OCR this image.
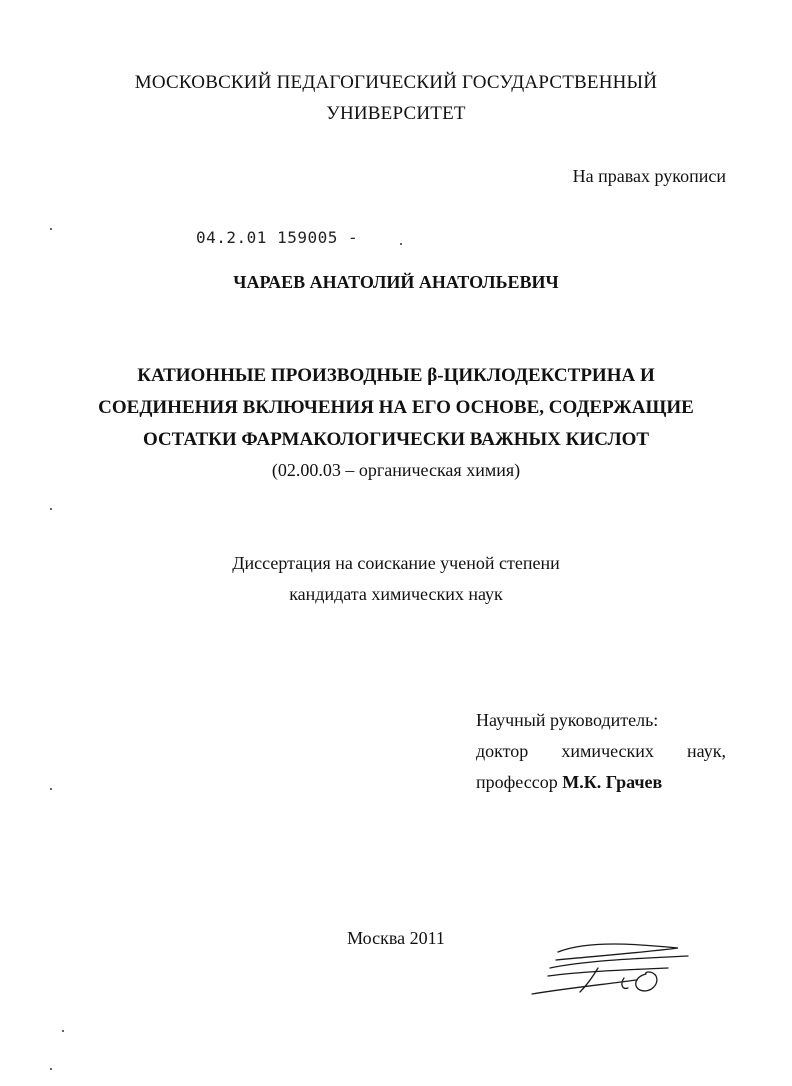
МОСКОВСКИЙ ПЕДАГОГИЧЕСКИЙ ГОСУДАРСТВЕННЫЙ
УНИВЕРСИТЕТ
На правах рукописи
04.2.01 159005 -
ЧАРАЕВ АНАТОЛИЙ АНАТОЛЬЕВИЧ
КАТИОННЫЕ ПРОИЗВОДНЫЕ β-ЦИКЛОДЕКСТРИНА И
СОЕДИНЕНИЯ ВКЛЮЧЕНИЯ НА ЕГО ОСНОВЕ, СОДЕРЖАЩИЕ
ОСТАТКИ ФАРМАКОЛОГИЧЕСКИ ВАЖНЫХ КИСЛОТ
(02.00.03 – органическая химия)
Диссертация на соискание ученой степени
кандидата химических наук
Научный руководитель:
доктор химических наук,
профессор М.К. Грачев
Москва 2011
